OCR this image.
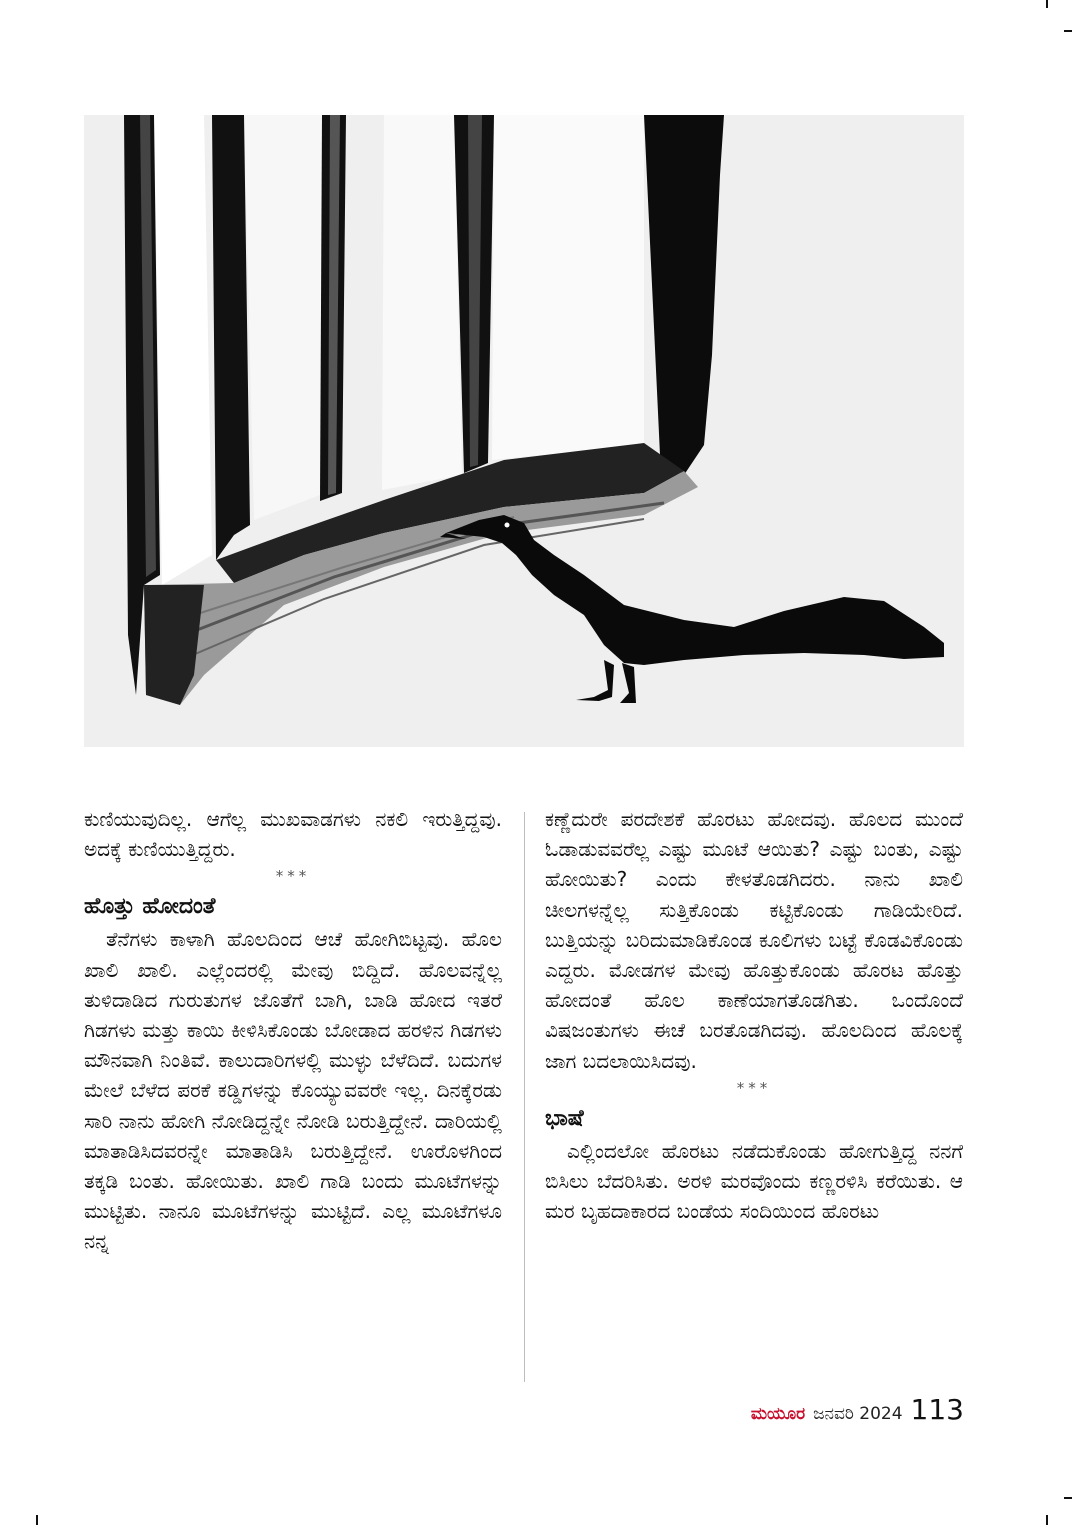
ಕುಣಿಯುವುದಿಲ್ಲ. ಆಗೆಲ್ಲ ಮುಖವಾಡಗಳು ನಕಲಿ ಇರುತ್ತಿದ್ದವು. ಅದಕ್ಕೆ ಕುಣಿಯುತ್ತಿದ್ದರು.

***

ಹೊತ್ತು ಹೋದಂತೆ

ತೆನೆಗಳು ಕಾಳಾಗಿ ಹೊಲದಿಂದ ಆಚೆ ಹೋಗಿಬಿಟ್ಟವು. ಹೊಲ ಖಾಲಿ ಖಾಲಿ. ಎಲ್ಲೆಂದರಲ್ಲಿ ಮೇವು ಬಿದ್ದಿದೆ. ಹೊಲವನ್ನೆಲ್ಲ ತುಳಿದಾಡಿದ ಗುರುತುಗಳ ಜೊತೆಗೆ ಬಾಗಿ, ಬಾಡಿ ಹೋದ ಇತರೆ ಗಿಡಗಳು ಮತ್ತು ಕಾಯಿ ಕೀಳಿಸಿಕೊಂಡು ಬೋಡಾದ ಹರಳಿನ ಗಿಡಗಳು ಮೌನವಾಗಿ ನಿಂತಿವೆ. ಕಾಲುದಾರಿಗಳಲ್ಲಿ ಮುಳ್ಳು ಬೆಳೆದಿದೆ. ಬದುಗಳ ಮೇಲೆ ಬೆಳೆದ ಪರಕೆ ಕಡ್ಡಿಗಳನ್ನು ಕೊಯ್ಯುವವರೇ ಇಲ್ಲ. ದಿನಕ್ಕೆರಡು ಸಾರಿ ನಾನು ಹೋಗಿ ನೋಡಿದ್ದನ್ನೇ ನೋಡಿ ಬರುತ್ತಿದ್ದೇನೆ. ದಾರಿಯಲ್ಲಿ ಮಾತಾಡಿಸಿದವರನ್ನೇ ಮಾತಾಡಿಸಿ ಬರುತ್ತಿದ್ದೇನೆ. ಊರೊಳಗಿಂದ ತಕ್ಕಡಿ ಬಂತು. ಹೋಯಿತು. ಖಾಲಿ ಗಾಡಿ ಬಂದು ಮೂಟೆಗಳನ್ನು ಮುಟ್ಟಿತು. ನಾನೂ ಮೂಟೆಗಳನ್ನು ಮುಟ್ಟಿದೆ. ಎಲ್ಲ ಮೂಟೆಗಳೂ ನನ್ನ

ಕಣ್ಣೆದುರೇ ಪರದೇಶಕೆ ಹೊರಟು ಹೋದವು. ಹೊಲದ ಮುಂದೆ ಓಡಾಡುವವರೆಲ್ಲ ಎಷ್ಟು ಮೂಟೆ ಆಯಿತು? ಎಷ್ಟು ಬಂತು, ಎಷ್ಟು ಹೋಯಿತು? ಎಂದು ಕೇಳತೊಡಗಿದರು. ನಾನು ಖಾಲಿ ಚೀಲಗಳನ್ನೆಲ್ಲ ಸುತ್ತಿಕೊಂಡು ಕಟ್ಟಿಕೊಂಡು ಗಾಡಿಯೇರಿದೆ. ಬುತ್ತಿಯನ್ನು ಬರಿದುಮಾಡಿಕೊಂಡ ಕೂಲಿಗಳು ಬಟ್ಟೆ ಕೊಡವಿಕೊಂಡು ಎದ್ದರು. ಮೋಡಗಳ ಮೇವು ಹೊತ್ತುಕೊಂಡು ಹೊರಟ ಹೊತ್ತು ಹೋದಂತೆ ಹೊಲ ಕಾಣೆಯಾಗತೊಡಗಿತು. ಒಂದೊಂದೆ ವಿಷಜಂತುಗಳು ಈಚೆ ಬರತೊಡಗಿದವು. ಹೊಲದಿಂದ ಹೊಲಕ್ಕೆ ಜಾಗ ಬದಲಾಯಿಸಿದವು.

***

ಭಾಷೆ

ಎಲ್ಲಿಂದಲೋ ಹೊರಟು ನಡೆದುಕೊಂಡು ಹೋಗುತ್ತಿದ್ದ ನನಗೆ ಬಿಸಿಲು ಬೆದರಿಸಿತು. ಅರಳಿ ಮರವೊಂದು ಕಣ್ಣರಳಿಸಿ ಕರೆಯಿತು. ಆ ಮರ ಬೃಹದಾಕಾರದ ಬಂಡೆಯ ಸಂದಿಯಿಂದ ಹೊರಟು

ಮಯೂರ ಜನವರಿ 2024 113
